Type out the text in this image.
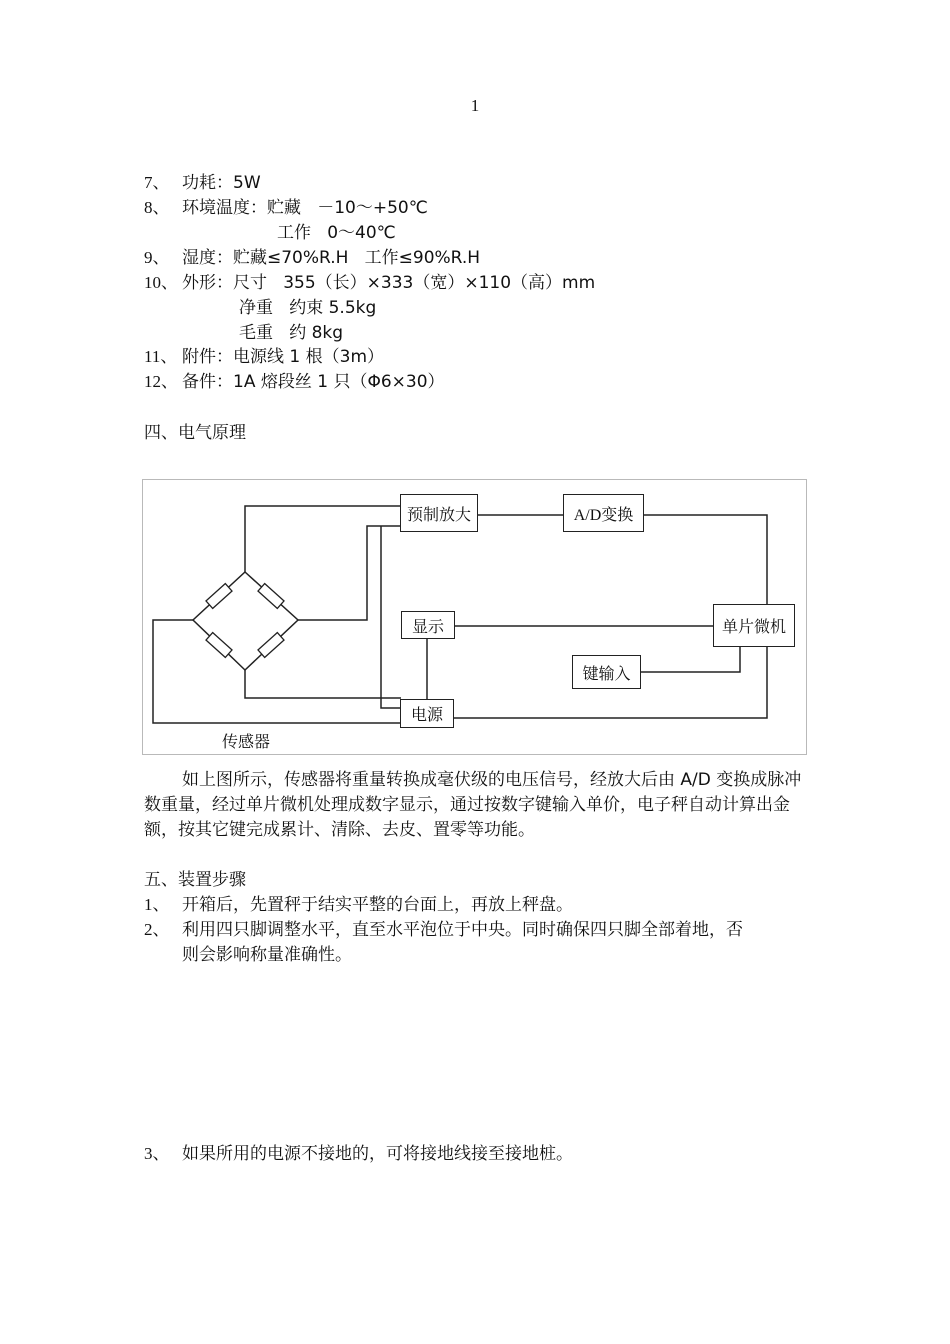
1
7、 功耗：5W
8、 环境温度：贮藏   －10～+50℃
工作   0～40℃
9、 湿度：贮藏≤70%R.H   工作≤90%R.H
10、 外形：尺寸   355（长）×333（宽）×110（高）mm
净重   约束 5.5kg
毛重   约 8kg
11、 附件：电源线 1 根（3m）
12、 备件：1A 熔段丝 1 只（Φ6×30）
四、电气原理
预制放大	A/D变换
显示	单片微机
键输入
电源
传感器
如上图所示，传感器将重量转换成毫伏级的电压信号，经放大后由 A/D 变换成脉冲数重量，经过单片微机处理成数字显示，通过按数字键输入单价，电子秤自动计算出金额，按其它键完成累计、清除、去皮、置零等功能。
五、装置步骤
1、 开箱后，先置秤于结实平整的台面上，再放上秤盘。
2、 利用四只脚调整水平，直至水平泡位于中央。同时确保四只脚全部着地，否
则会影响称量准确性。
3、 如果所用的电源不接地的，可将接地线接至接地桩。
